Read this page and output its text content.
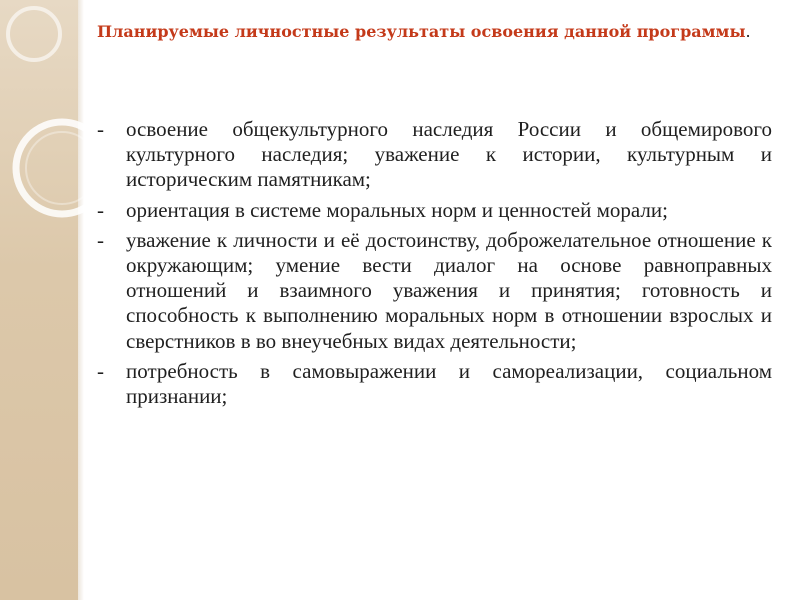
Планируемые личностные результаты освоения данной программы.
- освоение общекультурного наследия России и общемирового культурного наследия; уважение к истории, культурным и историческим памятникам;
- ориентация в системе моральных норм и ценностей морали;
- уважение к личности и её достоинству, доброжелательное отношение к окружающим; умение вести диалог на основе равноправных отношений и взаимного уважения и принятия; готовность и способность к выполнению моральных норм в отношении взрослых и сверстников в во внеучебных видах деятельности;
- потребность в самовыражении и самореализации, социальном признании;
